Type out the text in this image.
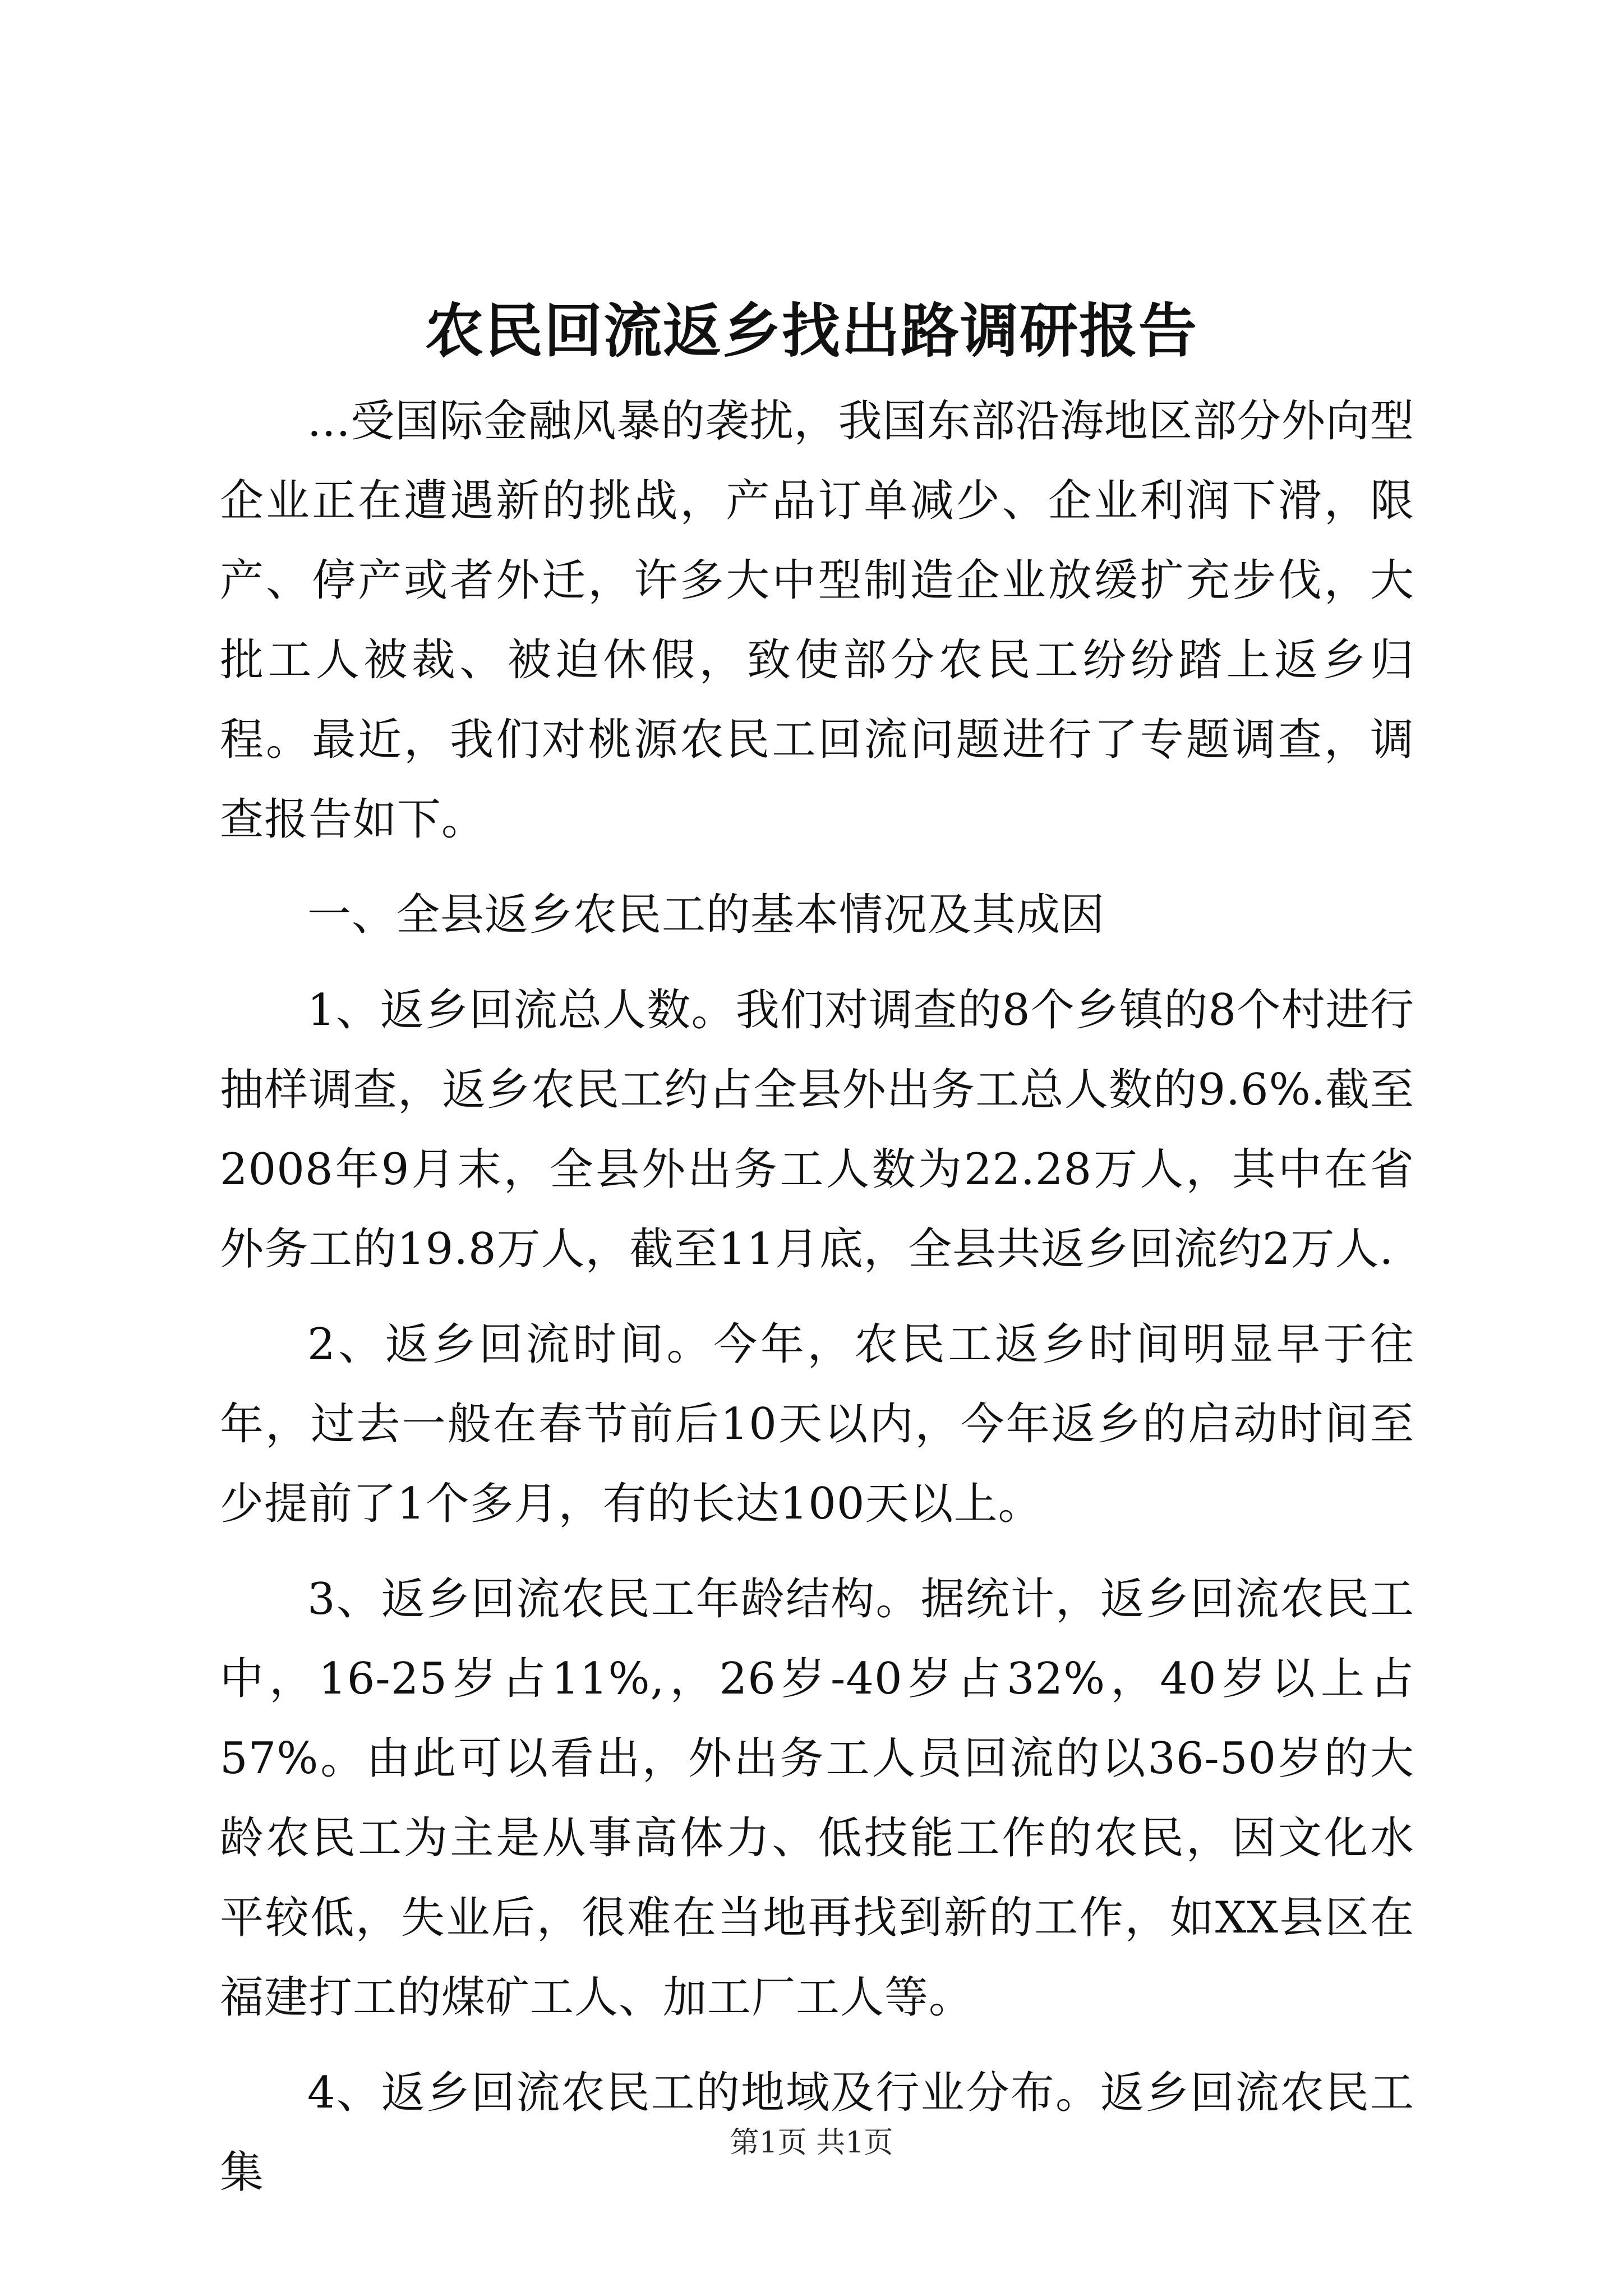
农民回流返乡找出路调研报告

...受国际金融风暴的袭扰，我国东部沿海地区部分外向型企业正在遭遇新的挑战，产品订单减少、企业利润下滑，限产、停产或者外迁，许多大中型制造企业放缓扩充步伐，大批工人被裁、被迫休假，致使部分农民工纷纷踏上返乡归程。最近，我们对桃源农民工回流问题进行了专题调查，调查报告如下。

一、全县返乡农民工的基本情况及其成因

1、返乡回流总人数。我们对调查的8个乡镇的8个村进行抽样调查，返乡农民工约占全县外出务工总人数的9.6%.截至2008年9月末，全县外出务工人数为22.28万人，其中在省外务工的19.8万人，截至11月底，全县共返乡回流约2万人.

2、返乡回流时间。今年，农民工返乡时间明显早于往年，过去一般在春节前后10天以内，今年返乡的启动时间至少提前了1个多月，有的长达100天以上。

3、返乡回流农民工年龄结构。据统计，返乡回流农民工中，16-25岁占11%,，26岁-40岁占32%，40岁以上占57%。由此可以看出，外出务工人员回流的以36-50岁的大龄农民工为主是从事高体力、低技能工作的农民，因文化水平较低，失业后，很难在当地再找到新的工作，如XX县区在福建打工的煤矿工人、加工厂工人等。

4、返乡回流农民工的地域及行业分布。返乡回流农民工集

第1页 共1页
